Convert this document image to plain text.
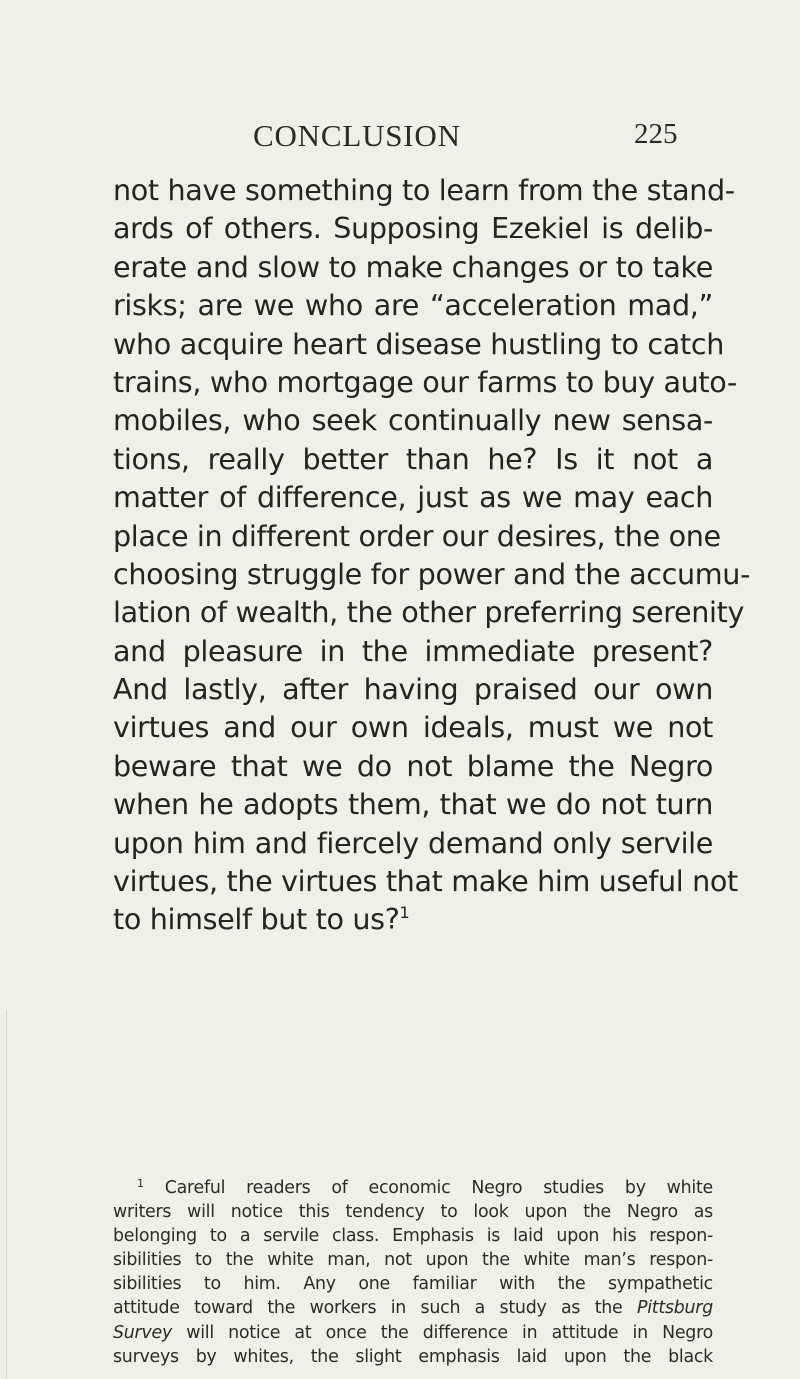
CONCLUSION	225
not have something to learn from the stand-
ards of others. Supposing Ezekiel is delib-
erate and slow to make changes or to take
risks; are we who are “acceleration mad,”
who acquire heart disease hustling to catch
trains, who mortgage our farms to buy auto-
mobiles, who seek continually new sensa-
tions, really better than he? Is it not a
matter of difference, just as we may each
place in different order our desires, the one
choosing struggle for power and the accumu-
lation of wealth, the other preferring serenity
and pleasure in the immediate present?
And lastly, after having praised our own
virtues and our own ideals, must we not
beware that we do not blame the Negro
when he adopts them, that we do not turn
upon him and fiercely demand only servile
virtues, the virtues that make him useful not
to himself but to us?$^1$
$^1$ Careful readers of economic Negro studies by white
writers will notice this tendency to look upon the Negro as
belonging to a servile class. Emphasis is laid upon his respon-
sibilities to the white man, not upon the white man’s respon-
sibilities to him. Any one familiar with the sympathetic
attitude toward the workers in such a study as the Pittsburg
Survey will notice at once the difference in attitude in Negro
surveys by whites, the slight emphasis laid upon the black
